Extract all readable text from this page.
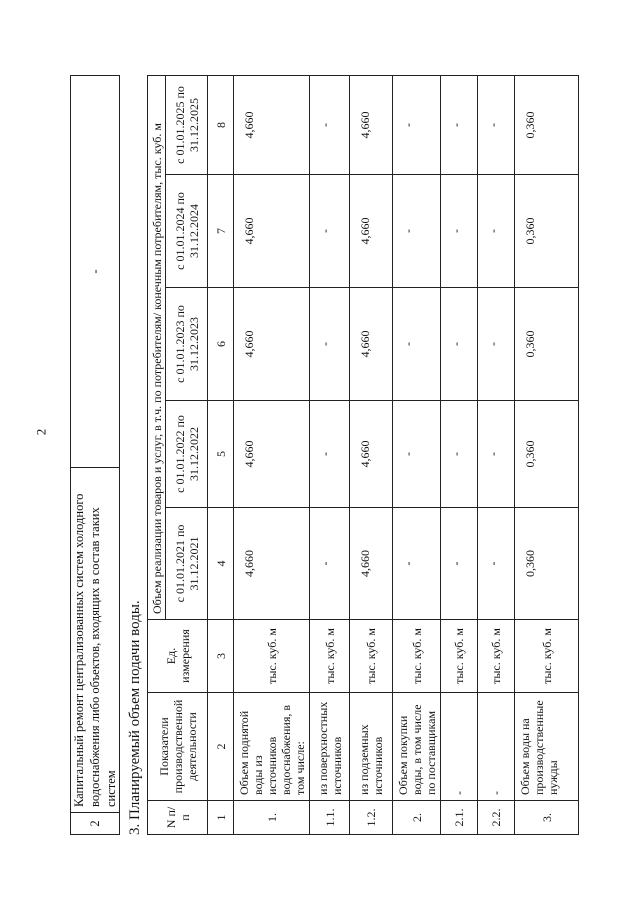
2
2	Капитальный ремонт централизованных систем холодного водоснабжения либо объектов, входящих в состав таких систем	-
3. Планируемый объем подачи воды. N п/п	Показатели производственной деятельности	Ед. измерения	Объем реализации товаров и услуг, в т.ч. по потребителям/ конечным потребителям, тыс. куб. м				
			с 01.01.2021 по 31.12.2021	с 01.01.2022 по 31.12.2022	с 01.01.2023 по 31.12.2023	с 01.01.2024 по 31.12.2024	с 01.01.2025 по 31.12.2025
1	2	3	4	5	6	7	8
1.	Объем поднятой воды из источников водоснабжения, в том числе:	тыс. куб. м	4,660	4,660	4,660	4,660	4,660
1.1.	из поверхностных источников	тыс. куб. м	-	-	-	-	-
1.2.	из подземных источников	тыс. куб. м	4,660	4,660	4,660	4,660	4,660
2.	Объем покупки воды, в том числе по поставщикам	тыс. куб. м	-	-	-	-	-
2.1.	-	тыс. куб. м	-	-	-	-	-
2.2.	-	тыс. куб. м	-	-	-	-	-
3.	Объем воды на производственные нужды	тыс. куб. м	0,360	0,360	0,360	0,360	0,360
